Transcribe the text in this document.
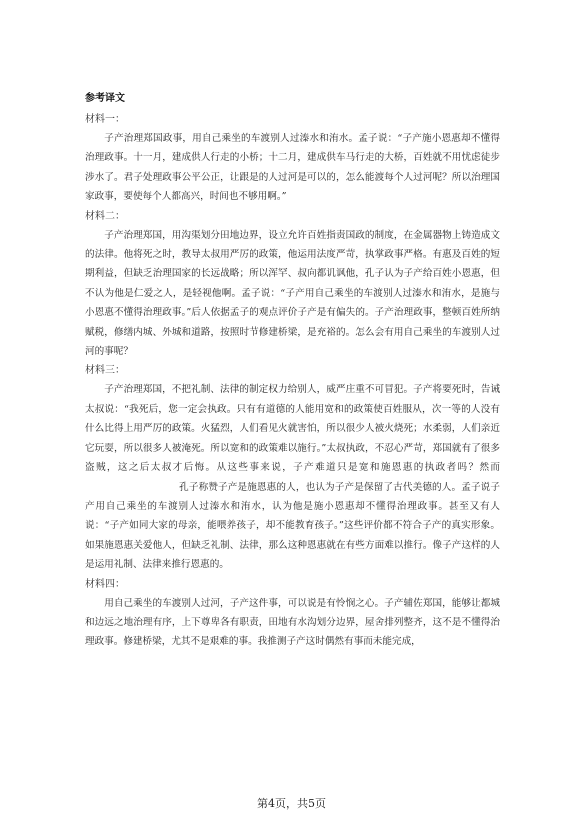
参考译文

材料一：

子产治理郑国政事，用自己乘坐的车渡别人过溱水和洧水。孟子说：“子产施小恩惠却不懂得治理政事。十一月，建成供人行走的小桥；十二月，建成供车马行走的大桥，百姓就不用忧虑徒步涉水了。君子处理政事公平公正，让跟是的人过河是可以的，怎么能渡每个人过河呢？所以治理国家政事，要使每个人都高兴，时间也不够用啊。”

材料二：

子产治理郑国，用沟渠划分田地边界，设立允许百姓指责国政的制度，在金属器物上铸造成文的法律。他将死之时，教导太叔用严厉的政策，他运用法度严苛，执掌政事严格。有惠及百姓的短期利益，但缺乏治理国家的长远战略；所以浑罕、叔向都讥讽他，孔子认为子产给百姓小恩惠，但不认为他是仁爱之人，是轻视他啊。孟子说：“子产用自己乘坐的车渡别人过溱水和洧水，是施与小恩惠不懂得治理政事。”后人依据孟子的观点评价子产是有偏失的。子产治理政事，整顿百姓所纳赋税，修缮内城、外城和道路，按照时节修建桥梁，是充裕的。怎么会有用自己乘坐的车渡别人过河的事呢？

材料三：

子产治理郑国，不把礼制、法律的制定权力给别人，威严庄重不可冒犯。子产将要死时，告诫太叔说：“我死后，您一定会执政。只有有道德的人能用宽和的政策使百姓服从，次一等的人没有什么比得上用严厉的政策。火猛烈，人们看见火就害怕，所以很少人被火烧死；水柔弱，人们亲近它玩耍，所以很多人被淹死。所以宽和的政策难以施行。”太叔执政，不忍心严苛，郑国就有了很多盗贼，这之后太叔才后悔。从这些事来说，子产难道只是宽和施恩惠的执政者吗？然而孔子称赞子产是施恩惠的人，也认为子产是保留了古代美德的人。孟子说子产用自己乘坐的车渡别人过溱水和洧水，认为他是施小恩惠却不懂得治理政事。甚至又有人说：“子产如同大家的母亲，能喂养孩子，却不能教育孩子。”这些评价都不符合子产的真实形象。如果施恩惠关爱他人，但缺乏礼制、法律，那么这种恩惠就在有些方面难以推行。像子产这样的人是运用礼制、法律来推行恩惠的。

材料四：

用自己乘坐的车渡别人过河，子产这件事，可以说是有怜悯之心。子产辅佐郑国，能够让都城和边远之地治理有序，上下尊卑各有职责，田地有水沟划分边界，屋舍排列整齐，这不是不懂得治理政事。修建桥梁，尤其不是艰难的事。我推测子产这时偶然有事而未能完成，

第4页，共5页
